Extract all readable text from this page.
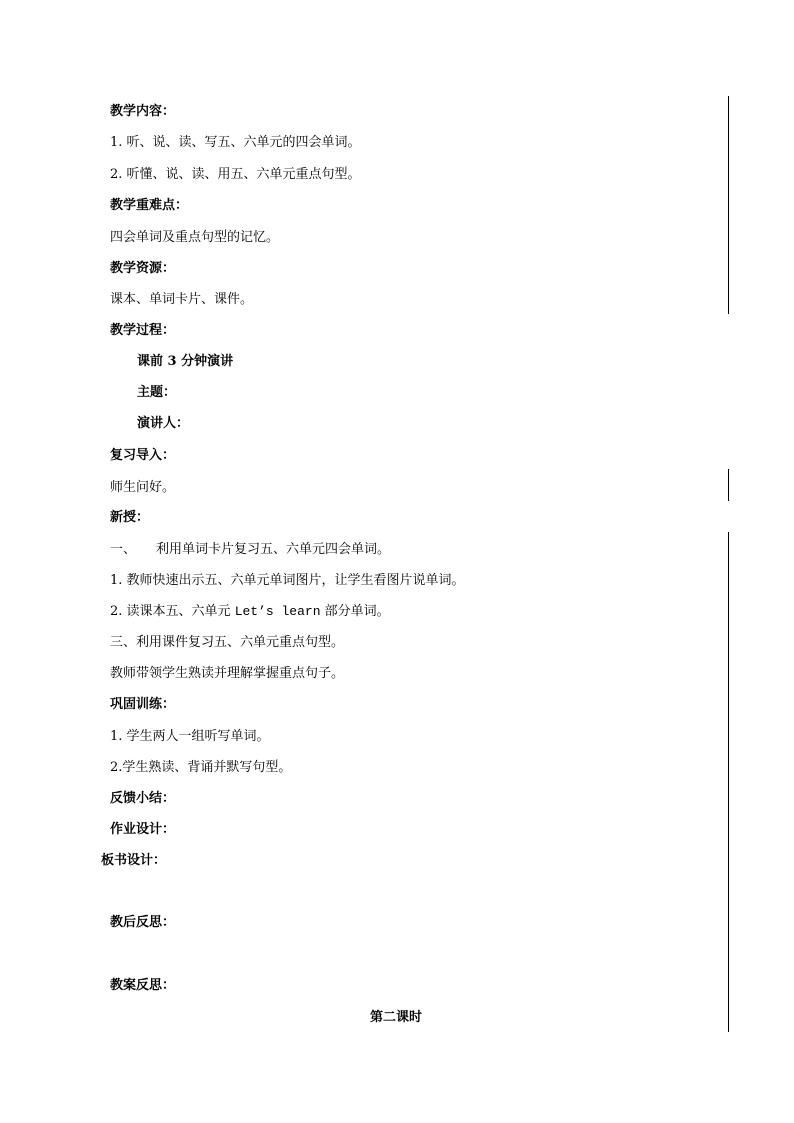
教学内容：
1. 听、说、读、写五、六单元的四会单词。
2. 听懂、说、读、用五、六单元重点句型。
教学重难点：
四会单词及重点句型的记忆。
教学资源：
课本、单词卡片、课件。
教学过程：
课前 3 分钟演讲
主题：
演讲人：
复习导入：
师生问好。
新授：
一、 利用单词卡片复习五、六单元四会单词。
1. 教师快速出示五、六单元单词图片，让学生看图片说单词。
2. 读课本五、六单元 Let’s learn 部分单词。
三、利用课件复习五、六单元重点句型。
教师带领学生熟读并理解掌握重点句子。
巩固训练：
1. 学生两人一组听写单词。
2.学生熟读、背诵并默写句型。
反馈小结：
作业设计：
板书设计：
教后反思：
教案反思：
第二课时
